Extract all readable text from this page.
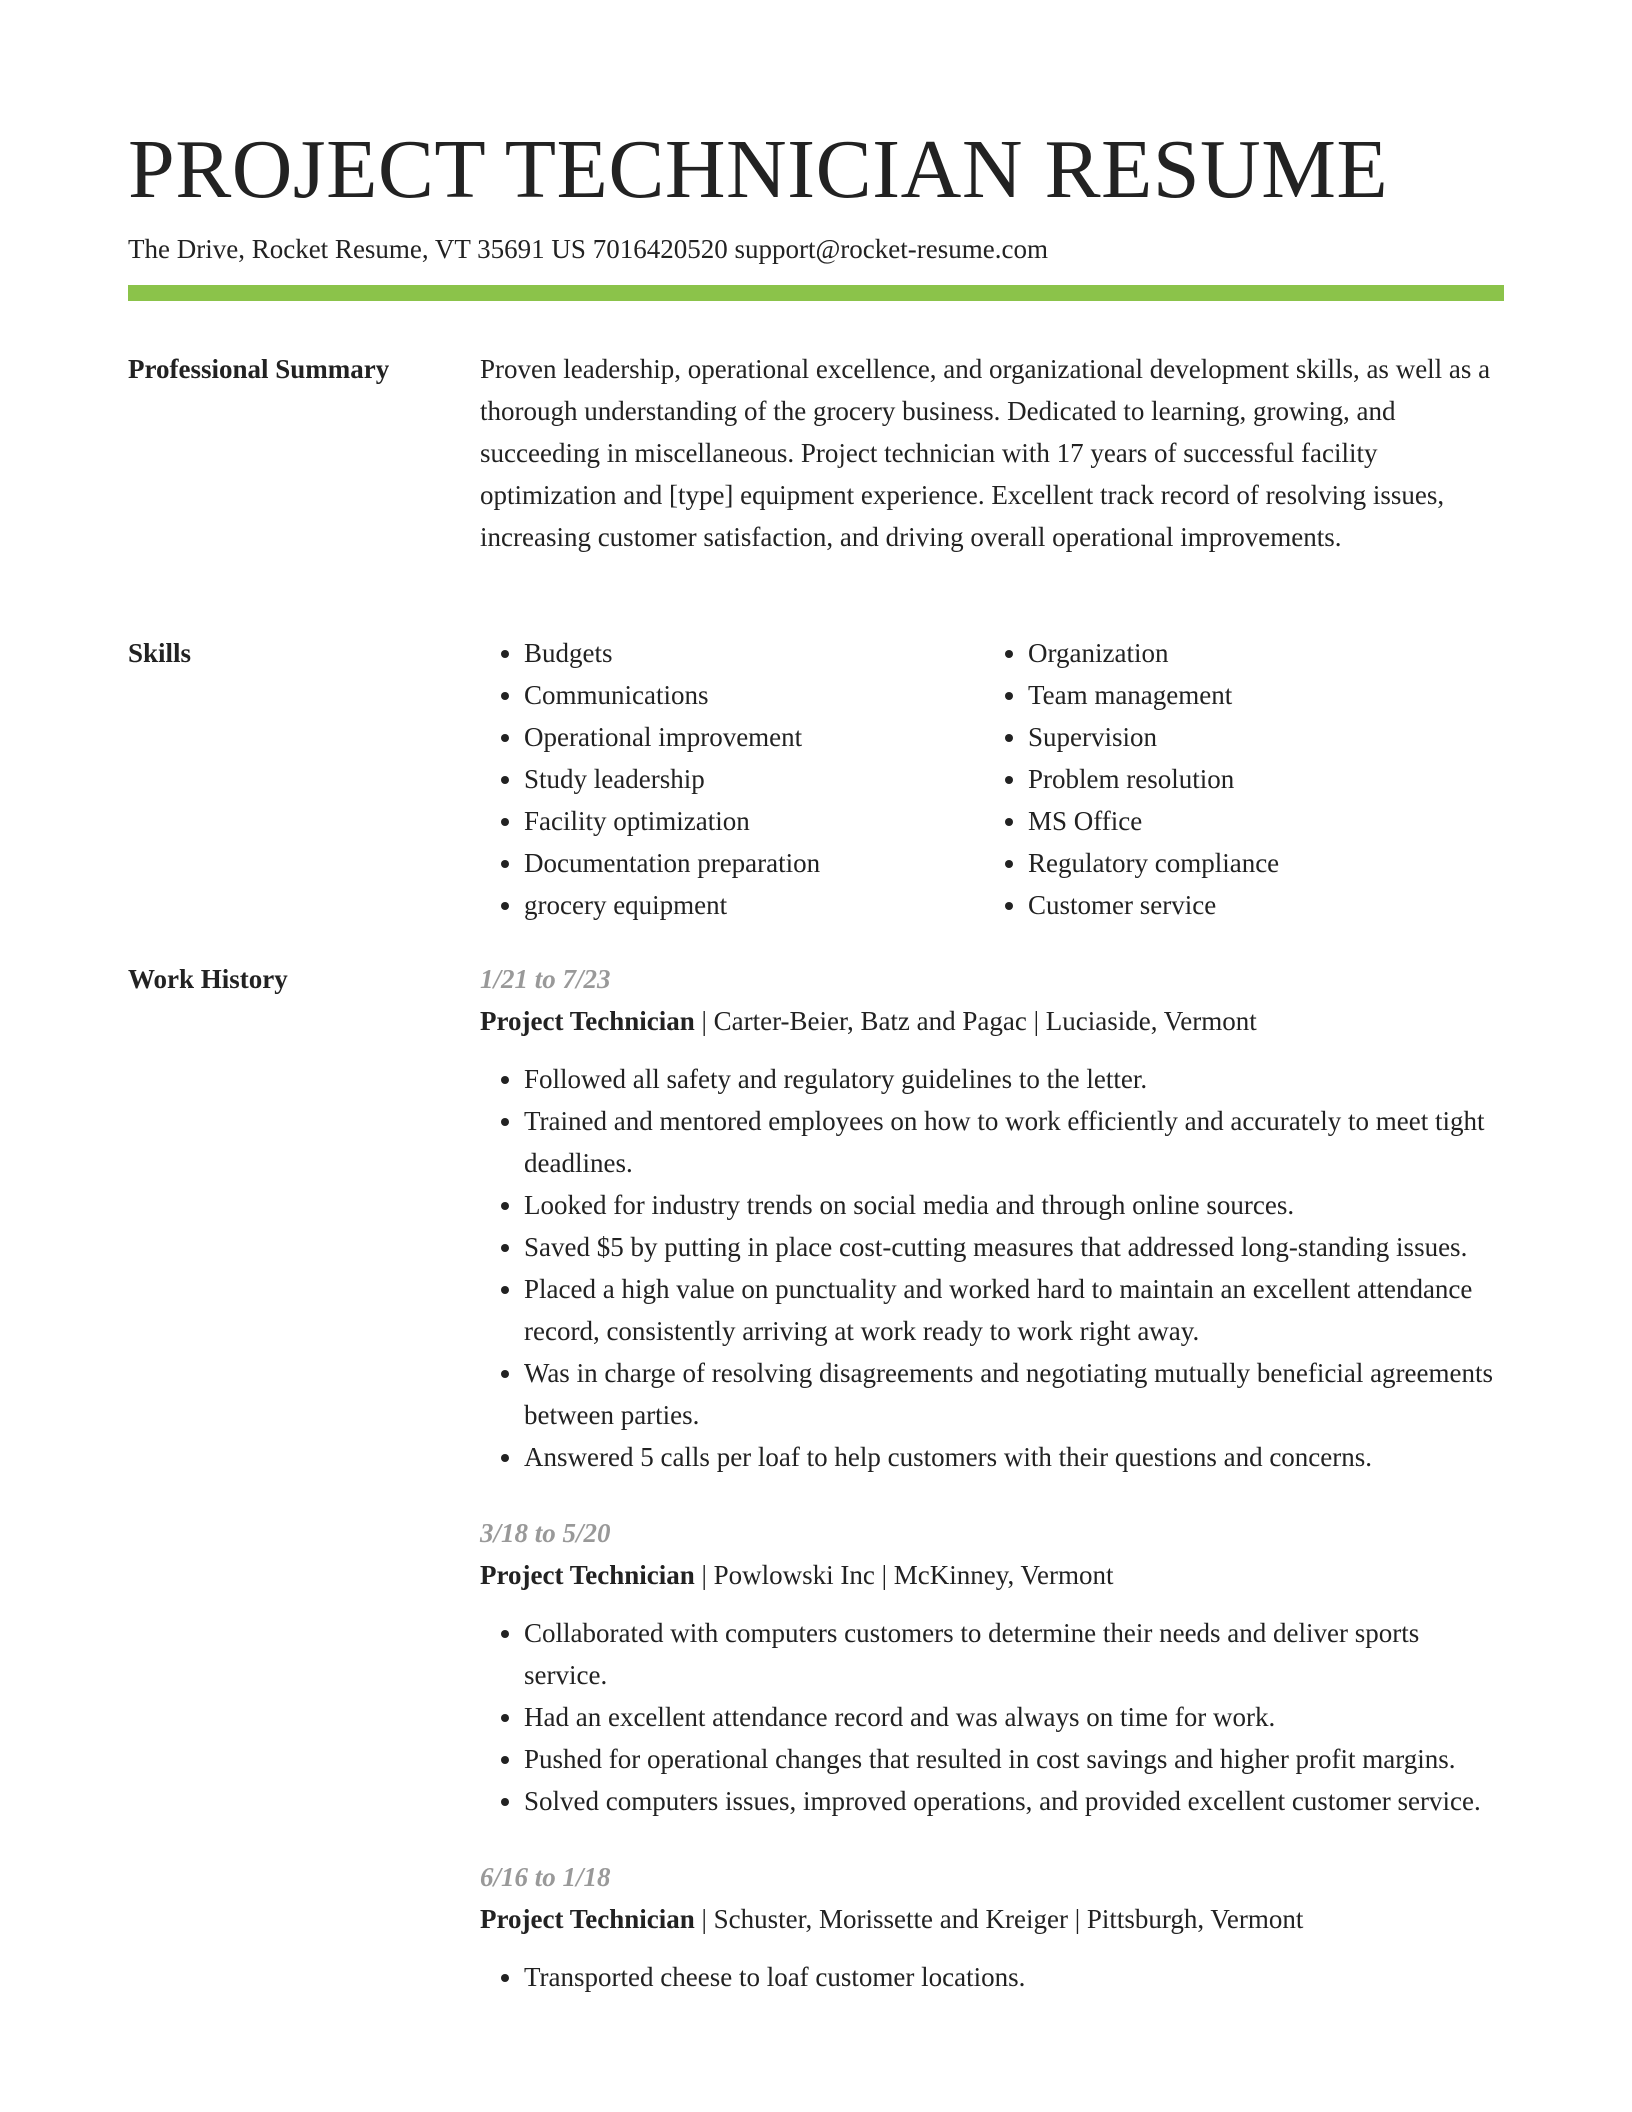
PROJECT TECHNICIAN RESUME
The Drive, Rocket Resume, VT 35691 US 7016420520 support@rocket-resume.com
Professional Summary	Proven leadership, operational excellence, and organizational development skills, as well as a thorough understanding of the grocery business. Dedicated to learning, growing, and succeeding in miscellaneous. Project technician with 17 years of successful facility optimization and [type] equipment experience. Excellent track record of resolving issues, increasing customer satisfaction, and driving overall operational improvements.

Skills
•	Budgets
• Communications
• Operational improvement
• Study leadership
• Facility optimization
• Documentation preparation
• grocery equipment
• Organization
• Team management
• Supervision
• Problem resolution
• MS Office
• Regulatory compliance
• Customer service
Work History	1/21 to 7/23
Project Technician | Carter-Beier, Batz and Pagac | Luciaside, Vermont
• Followed all safety and regulatory guidelines to the letter.
• Trained and mentored employees on how to work efficiently and accurately to meet tight deadlines.
• Looked for industry trends on social media and through online sources.
• Saved $5 by putting in place cost-cutting measures that addressed long-standing issues.
• Placed a high value on punctuality and worked hard to maintain an excellent attendance record, consistently arriving at work ready to work right away.
• Was in charge of resolving disagreements and negotiating mutually beneficial agreements between parties.
• Answered 5 calls per loaf to help customers with their questions and concerns.
3/18 to 5/20
Project Technician | Powlowski Inc | McKinney, Vermont
• Collaborated with computers customers to determine their needs and deliver sports service.
• Had an excellent attendance record and was always on time for work.
• Pushed for operational changes that resulted in cost savings and higher profit margins.
• Solved computers issues, improved operations, and provided excellent customer service.
6/16 to 1/18
Project Technician | Schuster, Morissette and Kreiger | Pittsburgh, Vermont
• Transported cheese to loaf customer locations.
